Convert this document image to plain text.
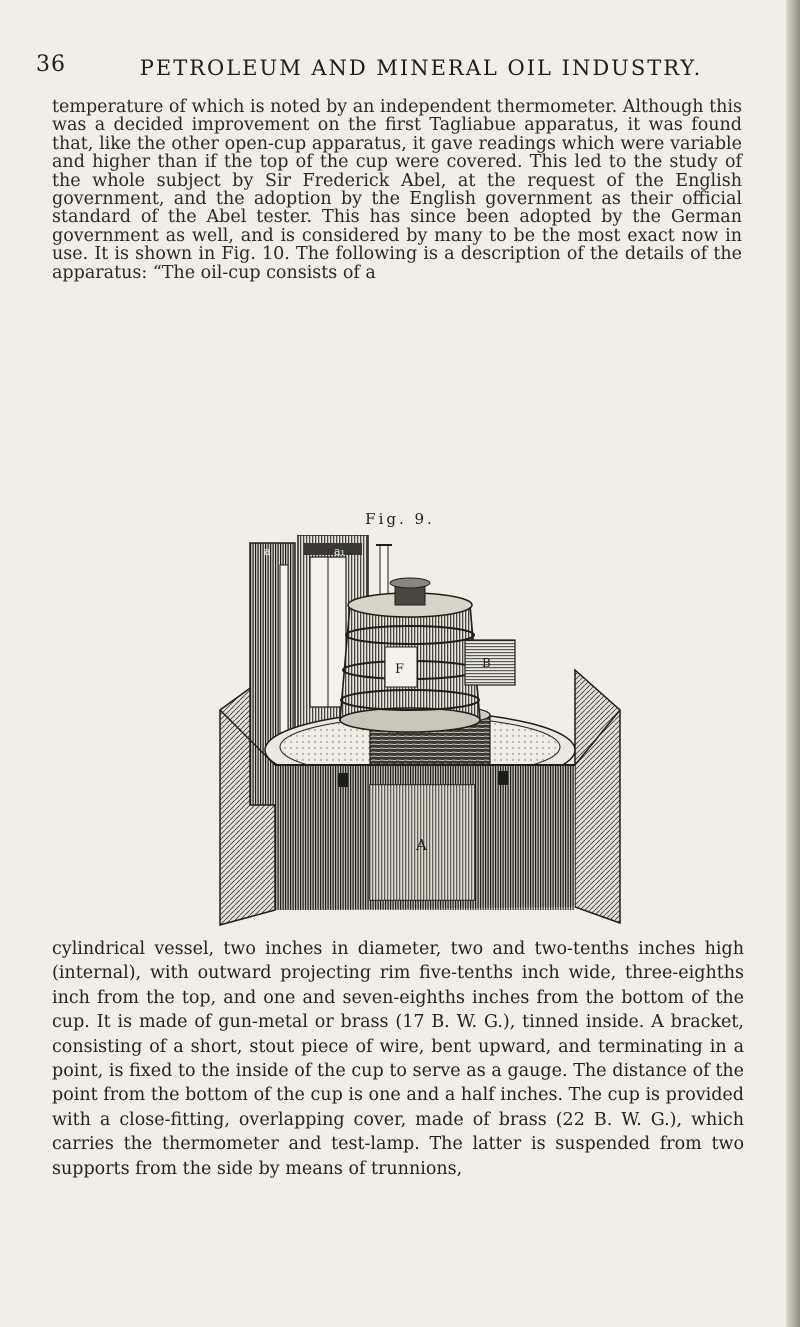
36	PETROLEUM AND MINERAL OIL INDUSTRY.

temperature of which is noted by an independent thermometer. Although this was a decided improvement on the first Tagliabue apparatus, it was found that, like the other open-cup apparatus, it gave readings which were variable and higher than if the top of the cup were covered. This led to the study of the whole subject by Sir Frederick Abel, at the request of the English government, and the adoption by the English government as their official standard of the Abel tester. This has since been adopted by the German government as well, and is considered by many to be the most exact now in use. It is shown in Fig. 10. The following is a description of the details of the apparatus: “The oil-cup consists of a

Fig. 9.
a	a₁
B
F
A

cylindrical vessel, two inches in diameter, two and two-tenths inches high (internal), with outward projecting rim five-tenths inch wide, three-eighths inch from the top, and one and seven-eighths inches from the bottom of the cup. It is made of gun-metal or brass (17 B. W. G.), tinned inside. A bracket, consisting of a short, stout piece of wire, bent upward, and terminating in a point, is fixed to the inside of the cup to serve as a gauge. The distance of the point from the bottom of the cup is one and a half inches. The cup is provided with a close-fitting, overlapping cover, made of brass (22 B. W. G.), which carries the thermometer and test-lamp. The latter is suspended from two supports from the side by means of trunnions,
